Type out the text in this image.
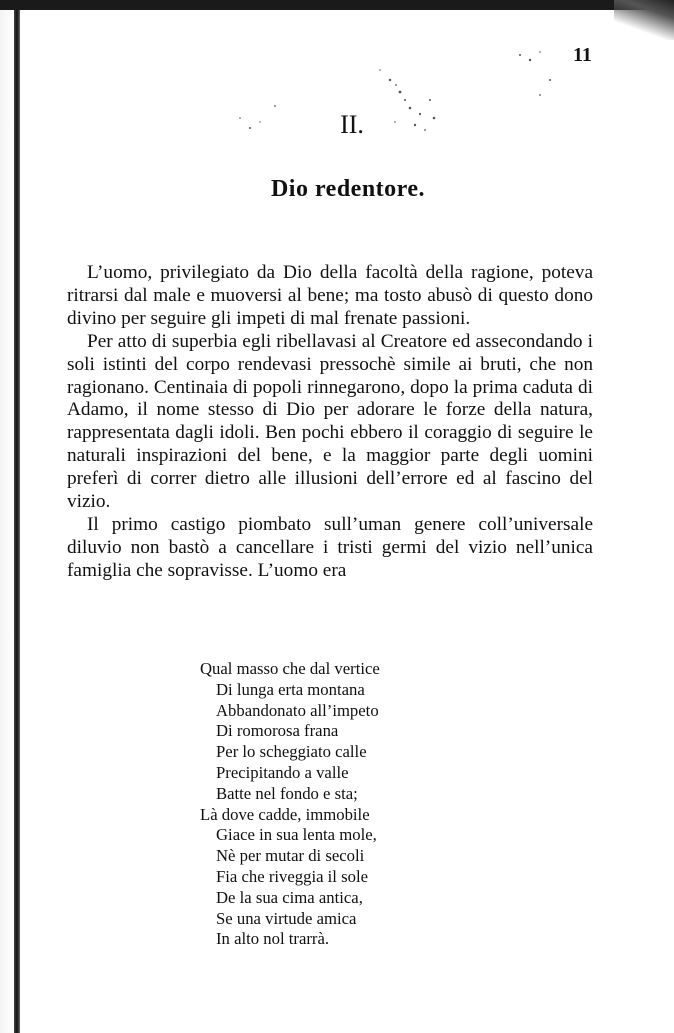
11
II.
Dio redentore.

L’uomo, privilegiato da Dio della facoltà della ragione, poteva ritrarsi dal male e muoversi al bene; ma tosto abusò di questo dono divino per seguire gli impeti di mal frenate passioni.

Per atto di superbia egli ribellavasi al Creatore ed assecondando i soli istinti del corpo rendevasi pressochè simile ai bruti, che non ragionano. Centinaia di popoli rinnegarono, dopo la prima caduta di Adamo, il nome stesso di Dio per adorare le forze della natura, rappresentata dagli idoli. Ben pochi ebbero il coraggio di seguire le naturali inspirazioni del bene, e la maggior parte degli uomini preferì di correr dietro alle illusioni dell’errore ed al fascino del vizio.

Il primo castigo piombato sull’uman genere coll’universale diluvio non bastò a cancellare i tristi germi del vizio nell’unica famiglia che sopravisse. L’uomo era

Qual masso che dal vertice
Di lunga erta montana
Abbandonato all’impeto
Di romorosa frana
Per lo scheggiato calle
Precipitando a valle
Batte nel fondo e sta;
Là dove cadde, immobile
Giace in sua lenta mole,
Nè per mutar di secoli
Fia che riveggia il sole
De la sua cima antica,
Se una virtude amica
In alto nol trarrà.
